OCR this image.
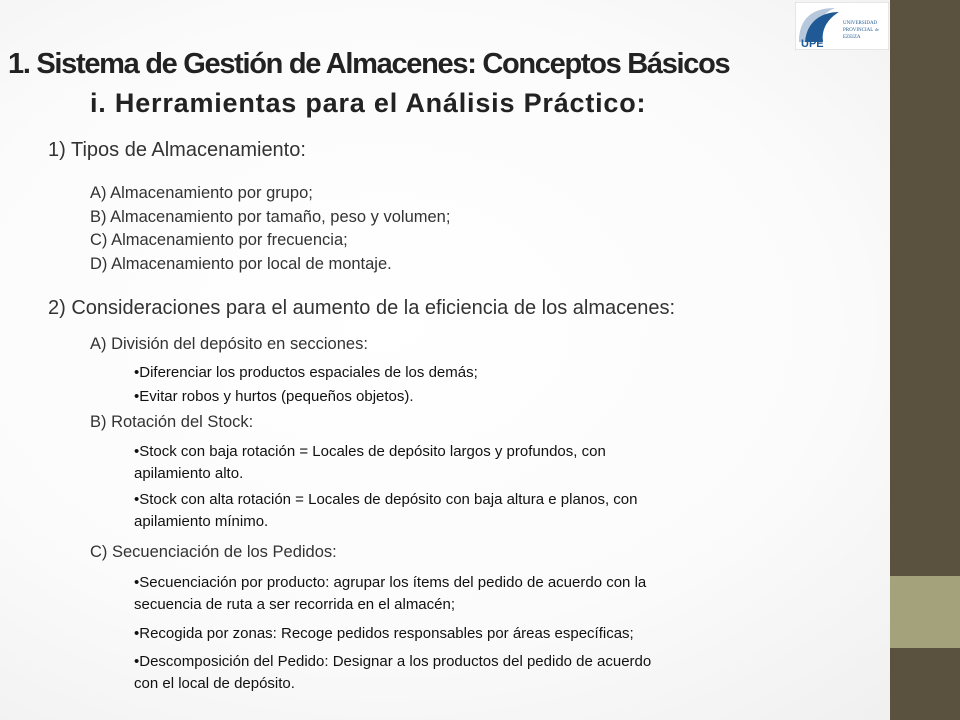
UPE
UNIVERSIDAD
PROVINCIAL de
EZEIZA
1. Sistema de Gestión de Almacenes: Conceptos Básicos
i. Herramientas para el Análisis Práctico:
1) Tipos de Almacenamiento:
A) Almacenamiento por grupo;
B) Almacenamiento por tamaño, peso y volumen;
C) Almacenamiento por frecuencia;
D) Almacenamiento por local de montaje.
2) Consideraciones para el aumento de la eficiencia de los almacenes:
A) División del depósito en secciones:
•Diferenciar los productos espaciales de los demás;
•Evitar robos y hurtos (pequeños objetos).
B) Rotación del Stock:
•Stock con baja rotación = Locales de depósito largos y profundos, con
apilamiento alto.
•Stock con alta rotación = Locales de depósito con baja altura e planos, con
apilamiento mínimo.
C) Secuenciación de los Pedidos:
•Secuenciación por producto: agrupar los ítems del pedido de acuerdo con la
secuencia de ruta a ser recorrida en el almacén;
•Recogida por zonas: Recoge pedidos responsables por áreas específicas;
•Descomposición del Pedido: Designar a los productos del pedido de acuerdo
con el local de depósito.
